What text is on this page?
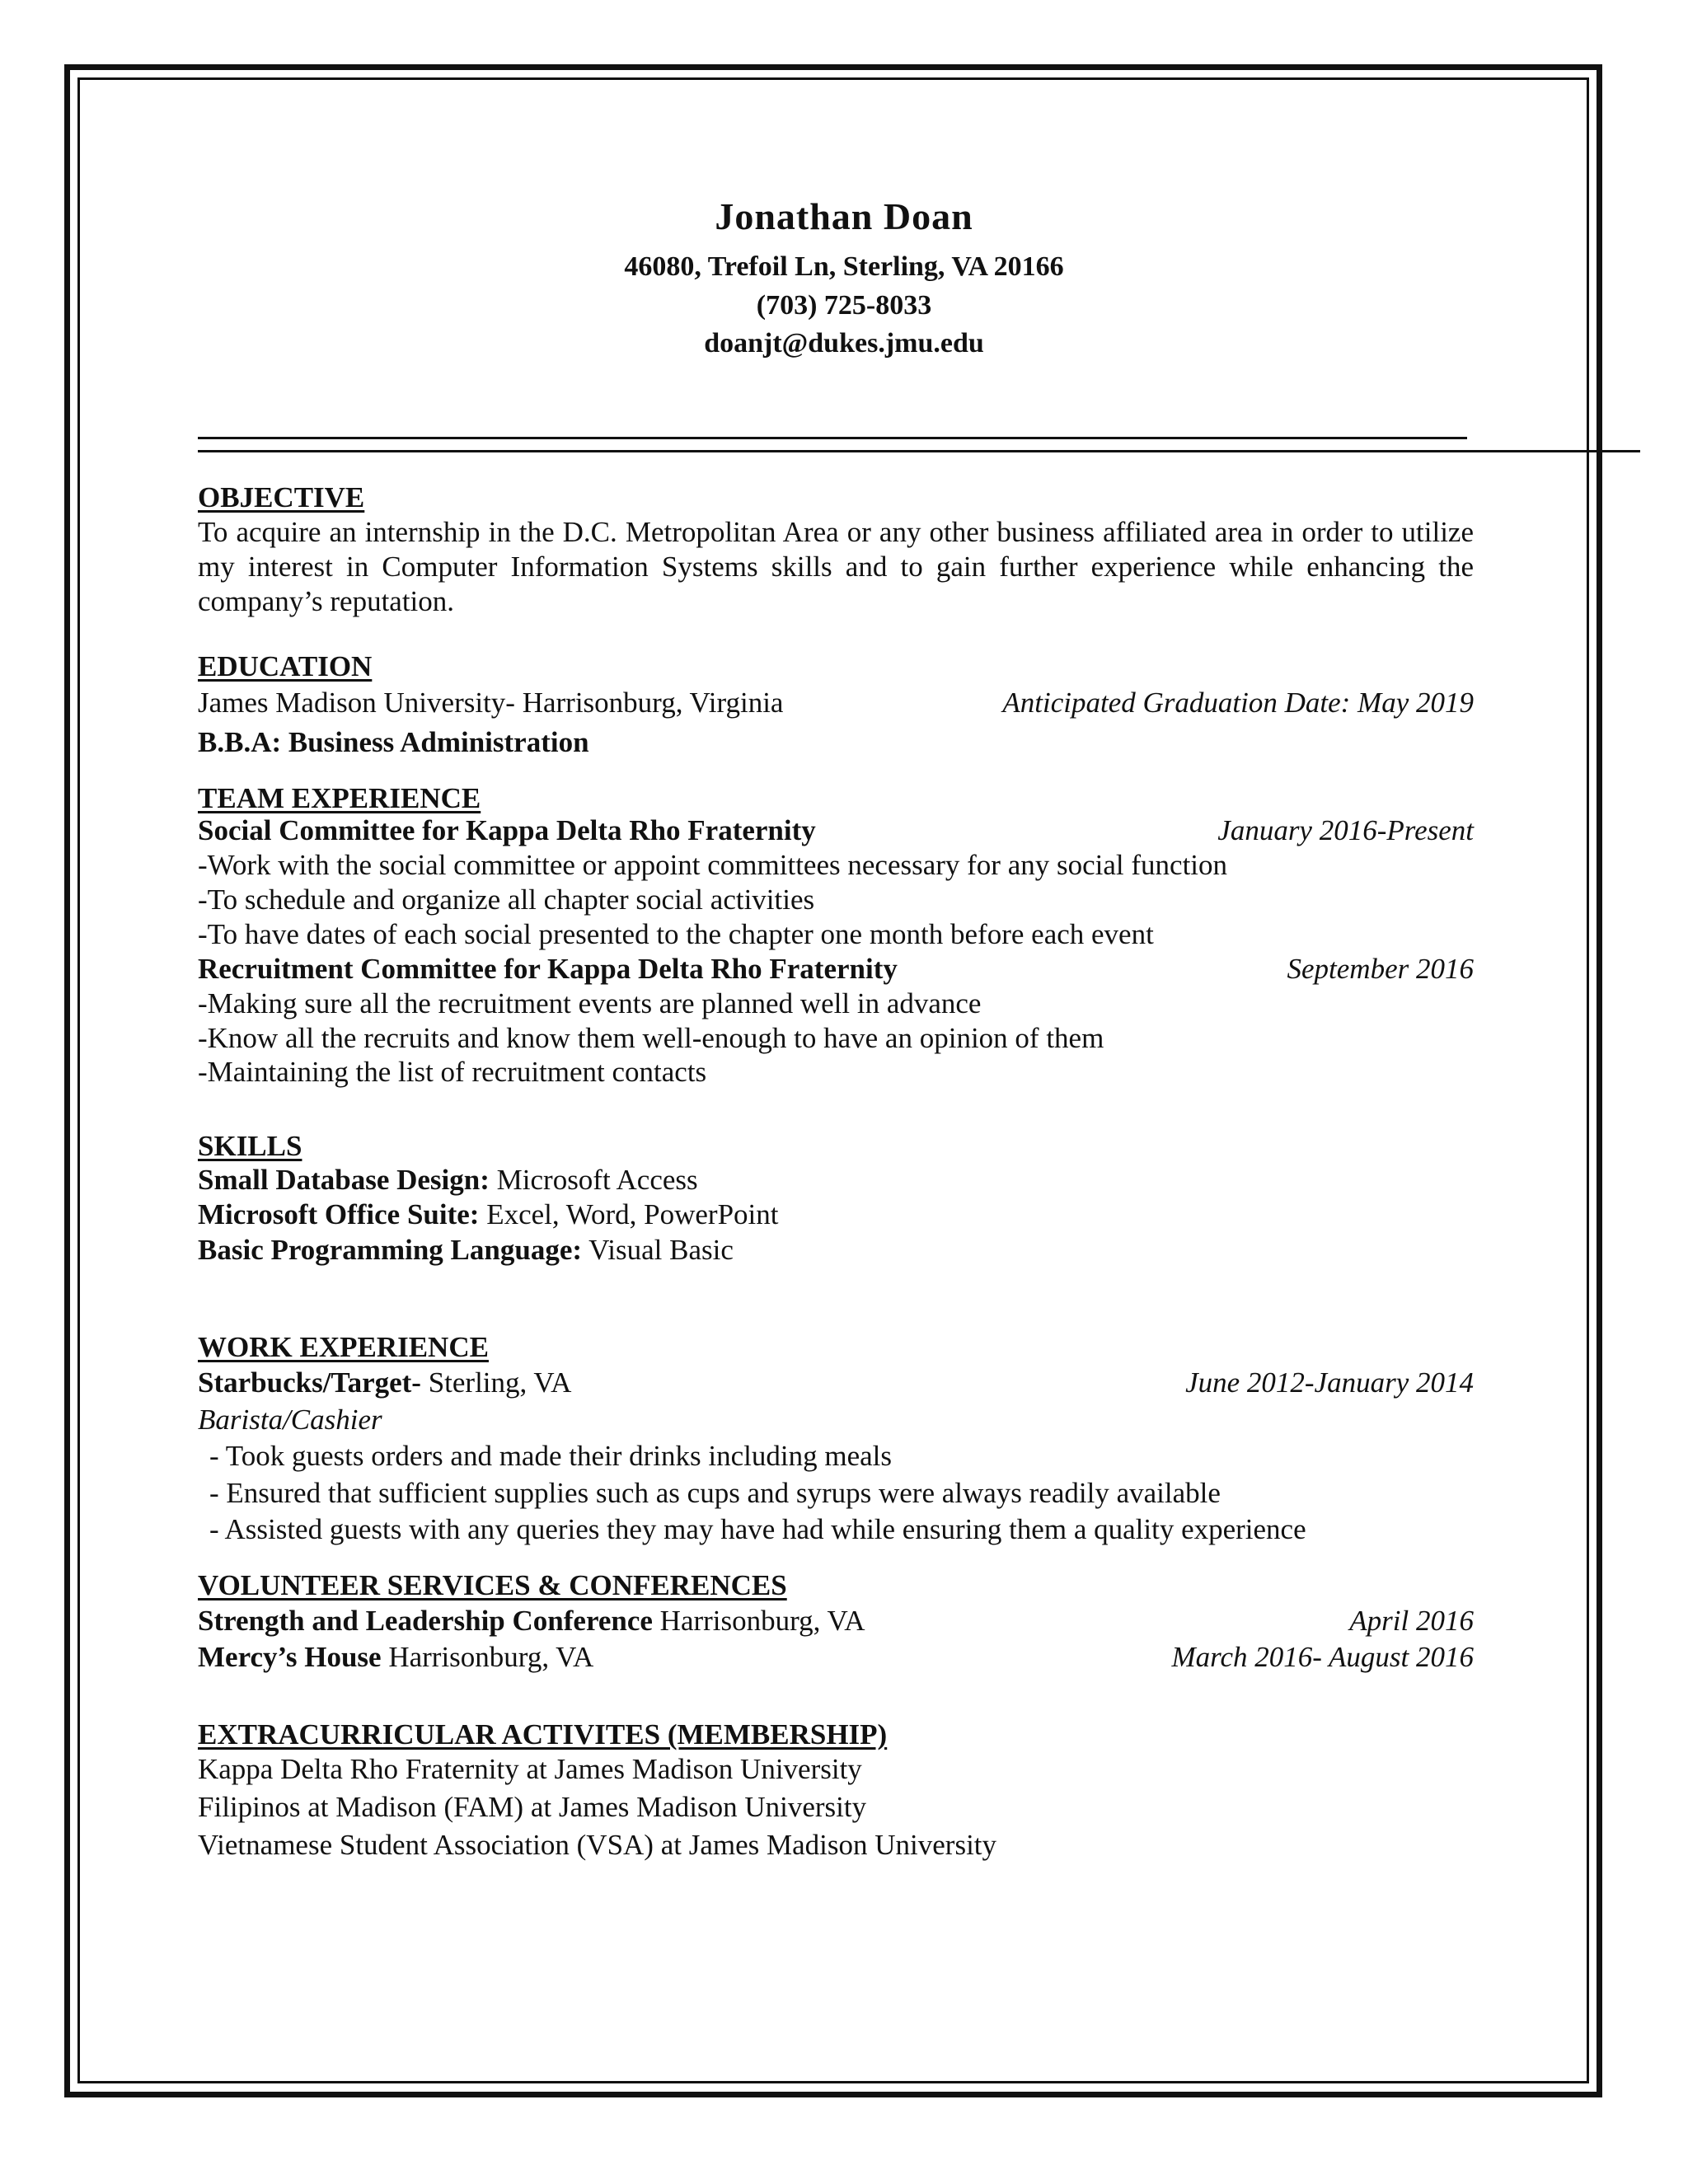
Jonathan Doan
46080, Trefoil Ln, Sterling, VA 20166
(703) 725-8033
doanjt@dukes.jmu.edu
OBJECTIVE
To acquire an internship in the D.C. Metropolitan Area or any other business affiliated area in order to utilize my interest in Computer Information Systems skills and to gain further experience while enhancing the company’s reputation.
EDUCATION
James Madison University- Harrisonburg, Virginia	Anticipated Graduation Date: May 2019
B.B.A: Business Administration
TEAM EXPERIENCE
Social Committee for Kappa Delta Rho Fraternity	January 2016-Present
-Work with the social committee or appoint committees necessary for any social function
-To schedule and organize all chapter social activities
-To have dates of each social presented to the chapter one month before each event
Recruitment Committee for Kappa Delta Rho Fraternity	September 2016
-Making sure all the recruitment events are planned well in advance
-Know all the recruits and know them well-enough to have an opinion of them
-Maintaining the list of recruitment contacts
SKILLS
Small Database Design: Microsoft Access
Microsoft Office Suite: Excel, Word, PowerPoint
Basic Programming Language: Visual Basic
WORK EXPERIENCE
Starbucks/Target- Sterling, VA	June 2012-January 2014
Barista/Cashier
- Took guests orders and made their drinks including meals
- Ensured that sufficient supplies such as cups and syrups were always readily available
- Assisted guests with any queries they may have had while ensuring them a quality experience
VOLUNTEER SERVICES & CONFERENCES
Strength and Leadership Conference Harrisonburg, VA	April 2016
Mercy’s House Harrisonburg, VA	March 2016- August 2016
EXTRACURRICULAR ACTIVITES (MEMBERSHIP)
Kappa Delta Rho Fraternity at James Madison University
Filipinos at Madison (FAM) at James Madison University
Vietnamese Student Association (VSA) at James Madison University
